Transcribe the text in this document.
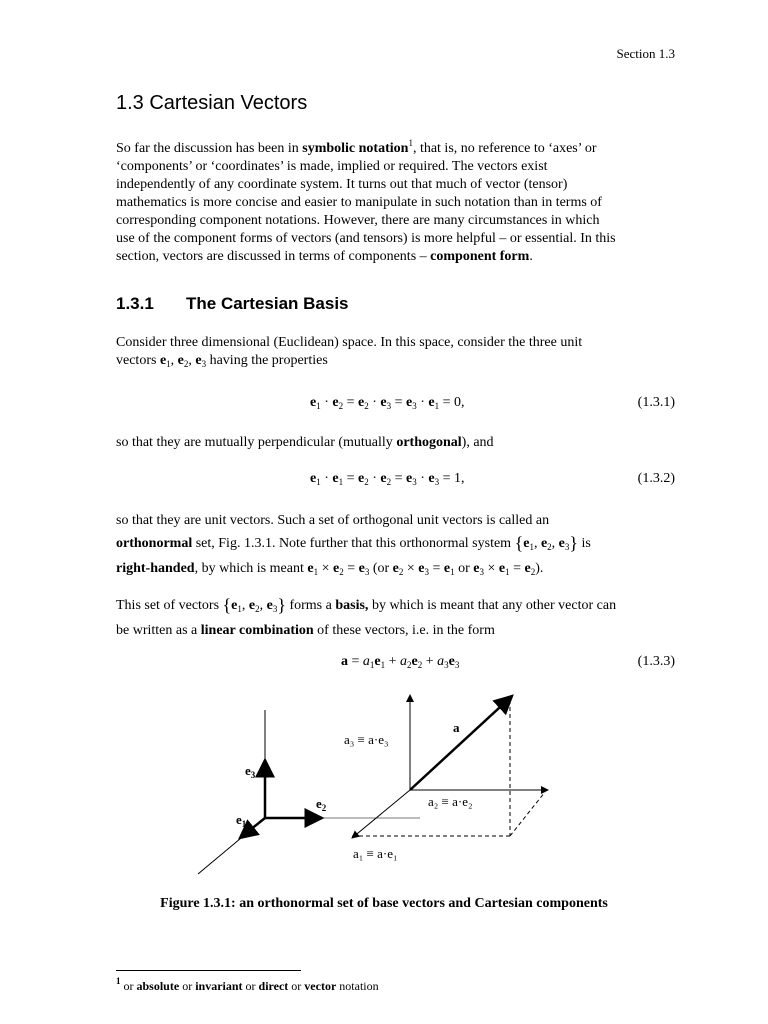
Section 1.3
1.3 Cartesian Vectors
So far the discussion has been in symbolic notation$^1$, that is, no reference to ‘axes’ or
‘components’ or ‘coordinates’ is made, implied or required. The vectors exist
independently of any coordinate system. It turns out that much of vector (tensor)
mathematics is more concise and easier to manipulate in such notation than in terms of
corresponding component notations. However, there are many circumstances in which
use of the component forms of vectors (and tensors) is more helpful – or essential. In this
section, vectors are discussed in terms of components – component form.
1.3.1 The Cartesian Basis
Consider three dimensional (Euclidean) space. In this space, consider the three unit
vectors $e_1$, $e_2$, $e_3$ having the properties
$e_1 \cdot e_2 = e_2 \cdot e_3 = e_3 \cdot e_1 = 0$,	(1.3.1)
so that they are mutually perpendicular (mutually orthogonal), and
$e_1 \cdot e_1 = e_2 \cdot e_2 = e_3 \cdot e_3 = 1$,	(1.3.2)
so that they are unit vectors. Such a set of orthogonal unit vectors is called an
orthonormal set, Fig. 1.3.1. Note further that this orthonormal system {$e_1$, $e_2$, $e_3$} is
right-handed, by which is meant $e_1 \times e_2 = e_3$ (or $e_2 \times e_3 = e_1$ or $e_3 \times e_1 = e_2$).
This set of vectors {$e_1$, $e_2$, $e_3$} forms a basis, by which is meant that any other vector can
be written as a linear combination of these vectors, i.e. in the form
$a = a_1e_1 + a_2e_2 + a_3e_3$	(1.3.3)
a
$e_3$
$e_2$
$e_1$
a₃ ≡ a·e₃
a₂ ≡ a·e₂
a₁ ≡ a·e₁
Figure 1.3.1: an orthonormal set of base vectors and Cartesian components
$^1$ or absolute or invariant or direct or vector notation
